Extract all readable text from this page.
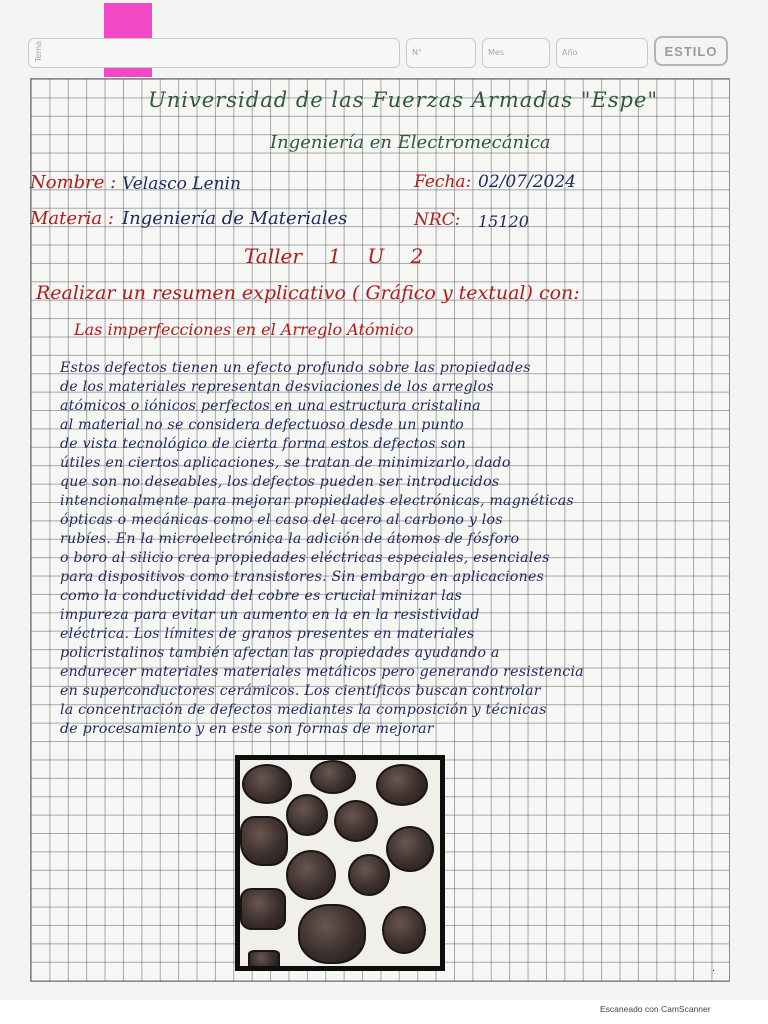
Tema	N°	Mes	Año	ESTILO
Universidad de las Fuerzas Armadas "Espe"
Ingeniería en Electromecánica
Nombre : Velasco Lenin	Fecha: 02/07/2024
Materia : Ingeniería de Materiales	NRC: 15120
Taller 1 U 2
Realizar un resumen explicativo ( Gráfico y textual) con:
Las imperfecciones en el Arreglo Atómico
Estos defectos tienen un efecto profundo sobre las propiedades
de los materiales representan desviaciones de los arreglos
atómicos o iónicos perfectos en una estructura cristalina
al material no se considera defectuoso desde un punto
de vista tecnológico de cierta forma estos defectos son
útiles en ciertos aplicaciones, se tratan de minimizarlo, dado
que son no deseables, los defectos pueden ser introducidos
intencionalmente para mejorar propiedades electrónicas, magnéticas
ópticas o mecánicas como el caso del acero al carbono y los
rubíes. En la microelectrónica la adición de átomos de fósforo
o boro al silicio crea propiedades eléctricas especiales, esenciales
para dispositivos como transistores. Sin embargo en aplicaciones
como la conductividad del cobre es crucial minizar las
impureza para evitar un aumento en la en la resistividad
eléctrica. Los límites de granos presentes en materiales
policristalinos también afectan las propiedades ayudando a
endurecer materiales materiales metálicos pero generando resistencia
en superconductores cerámicos. Los científicos buscan controlar
la concentración de defectos mediantes la composición y técnicas
de procesamiento y en este son formas de mejorar
.
Escaneado con CamScanner
